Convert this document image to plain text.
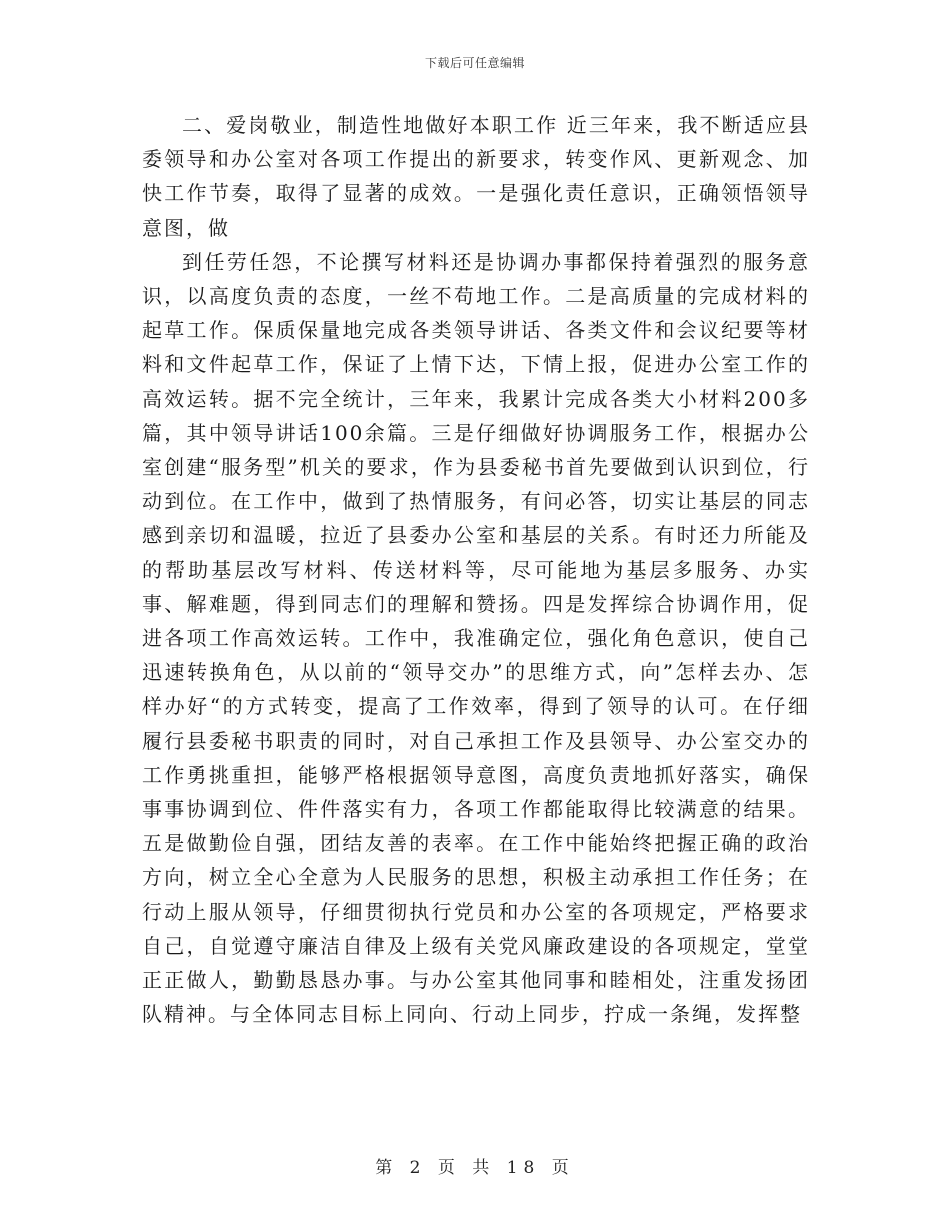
下载后可任意编辑

二、爱岗敬业，制造性地做好本职工作 近三年来，我不断适应县委领导和办公室对各项工作提出的新要求，转变作风、更新观念、加快工作节奏，取得了显著的成效。一是强化责任意识，正确领悟领导意图，做

到任劳任怨，不论撰写材料还是协调办事都保持着强烈的服务意识，以高度负责的态度，一丝不苟地工作。二是高质量的完成材料的起草工作。保质保量地完成各类领导讲话、各类文件和会议纪要等材料和文件起草工作，保证了上情下达，下情上报，促进办公室工作的高效运转。据不完全统计，三年来，我累计完成各类大小材料200多篇，其中领导讲话100余篇。三是仔细做好协调服务工作，根据办公室创建“服务型”机关的要求，作为县委秘书首先要做到认识到位，行动到位。在工作中，做到了热情服务，有问必答，切实让基层的同志感到亲切和温暖，拉近了县委办公室和基层的关系。有时还力所能及的帮助基层改写材料、传送材料等，尽可能地为基层多服务、办实事、解难题，得到同志们的理解和赞扬。四是发挥综合协调作用，促进各项工作高效运转。工作中，我准确定位，强化角色意识，使自己迅速转换角色，从以前的“领导交办”的思维方式，向”怎样去办、怎样办好“的方式转变，提高了工作效率，得到了领导的认可。在仔细履行县委秘书职责的同时，对自己承担工作及县领导、办公室交办的工作勇挑重担，能够严格根据领导意图，高度负责地抓好落实，确保事事协调到位、件件落实有力，各项工作都能取得比较满意的结果。五是做勤俭自强，团结友善的表率。在工作中能始终把握正确的政治方向，树立全心全意为人民服务的思想，积极主动承担工作任务；在行动上服从领导，仔细贯彻执行党员和办公室的各项规定，严格要求自己，自觉遵守廉洁自律及上级有关党风廉政建设的各项规定，堂堂正正做人，勤勤恳恳办事。与办公室其他同事和睦相处，注重发扬团队精神。与全体同志目标上同向、行动上同步，拧成一条绳，发挥整

第 2 页 共 18 页
